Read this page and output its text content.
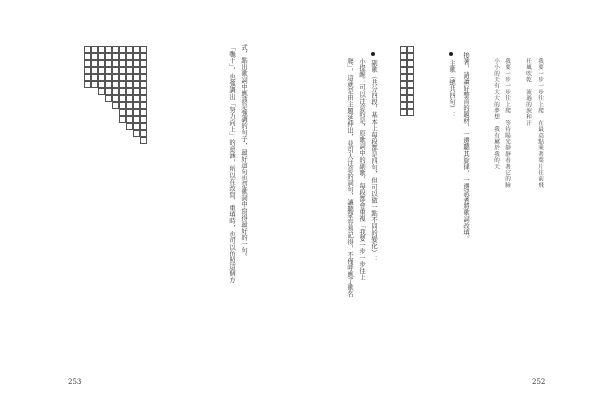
「嘸干」，也強調出「努力向上」的意涵，所以在改寫、重填時，也可以仿照這個方 式，點出歌詞中應該是強調的句子，最好這句也是歌詞中寫得最好的一句。
253
爬」，這就是由主題延伸出，並引人注意的詞句，讓聽眾容易記得，不僅呼應了歌名 小提醒：可以注意的是，原歌詞中的副歌，每段都會重複「我要一步一步往上 副歌（共分四段，基本上每段都是四句，但可以做一點不同的變化）：	主歌（總共四句）：	接著，請讀好整首的題材，一邊聽其旋律，一邊試著將歌詞改填。	小小的天有大大的夢想　我有屬於我的天 我要一步一步往上爬　等待陽光靜靜看著它的臉	任風吹乾　流過的淚和汗	我要一步一步往上爬　在最高點乘著葉片往前飛
252
